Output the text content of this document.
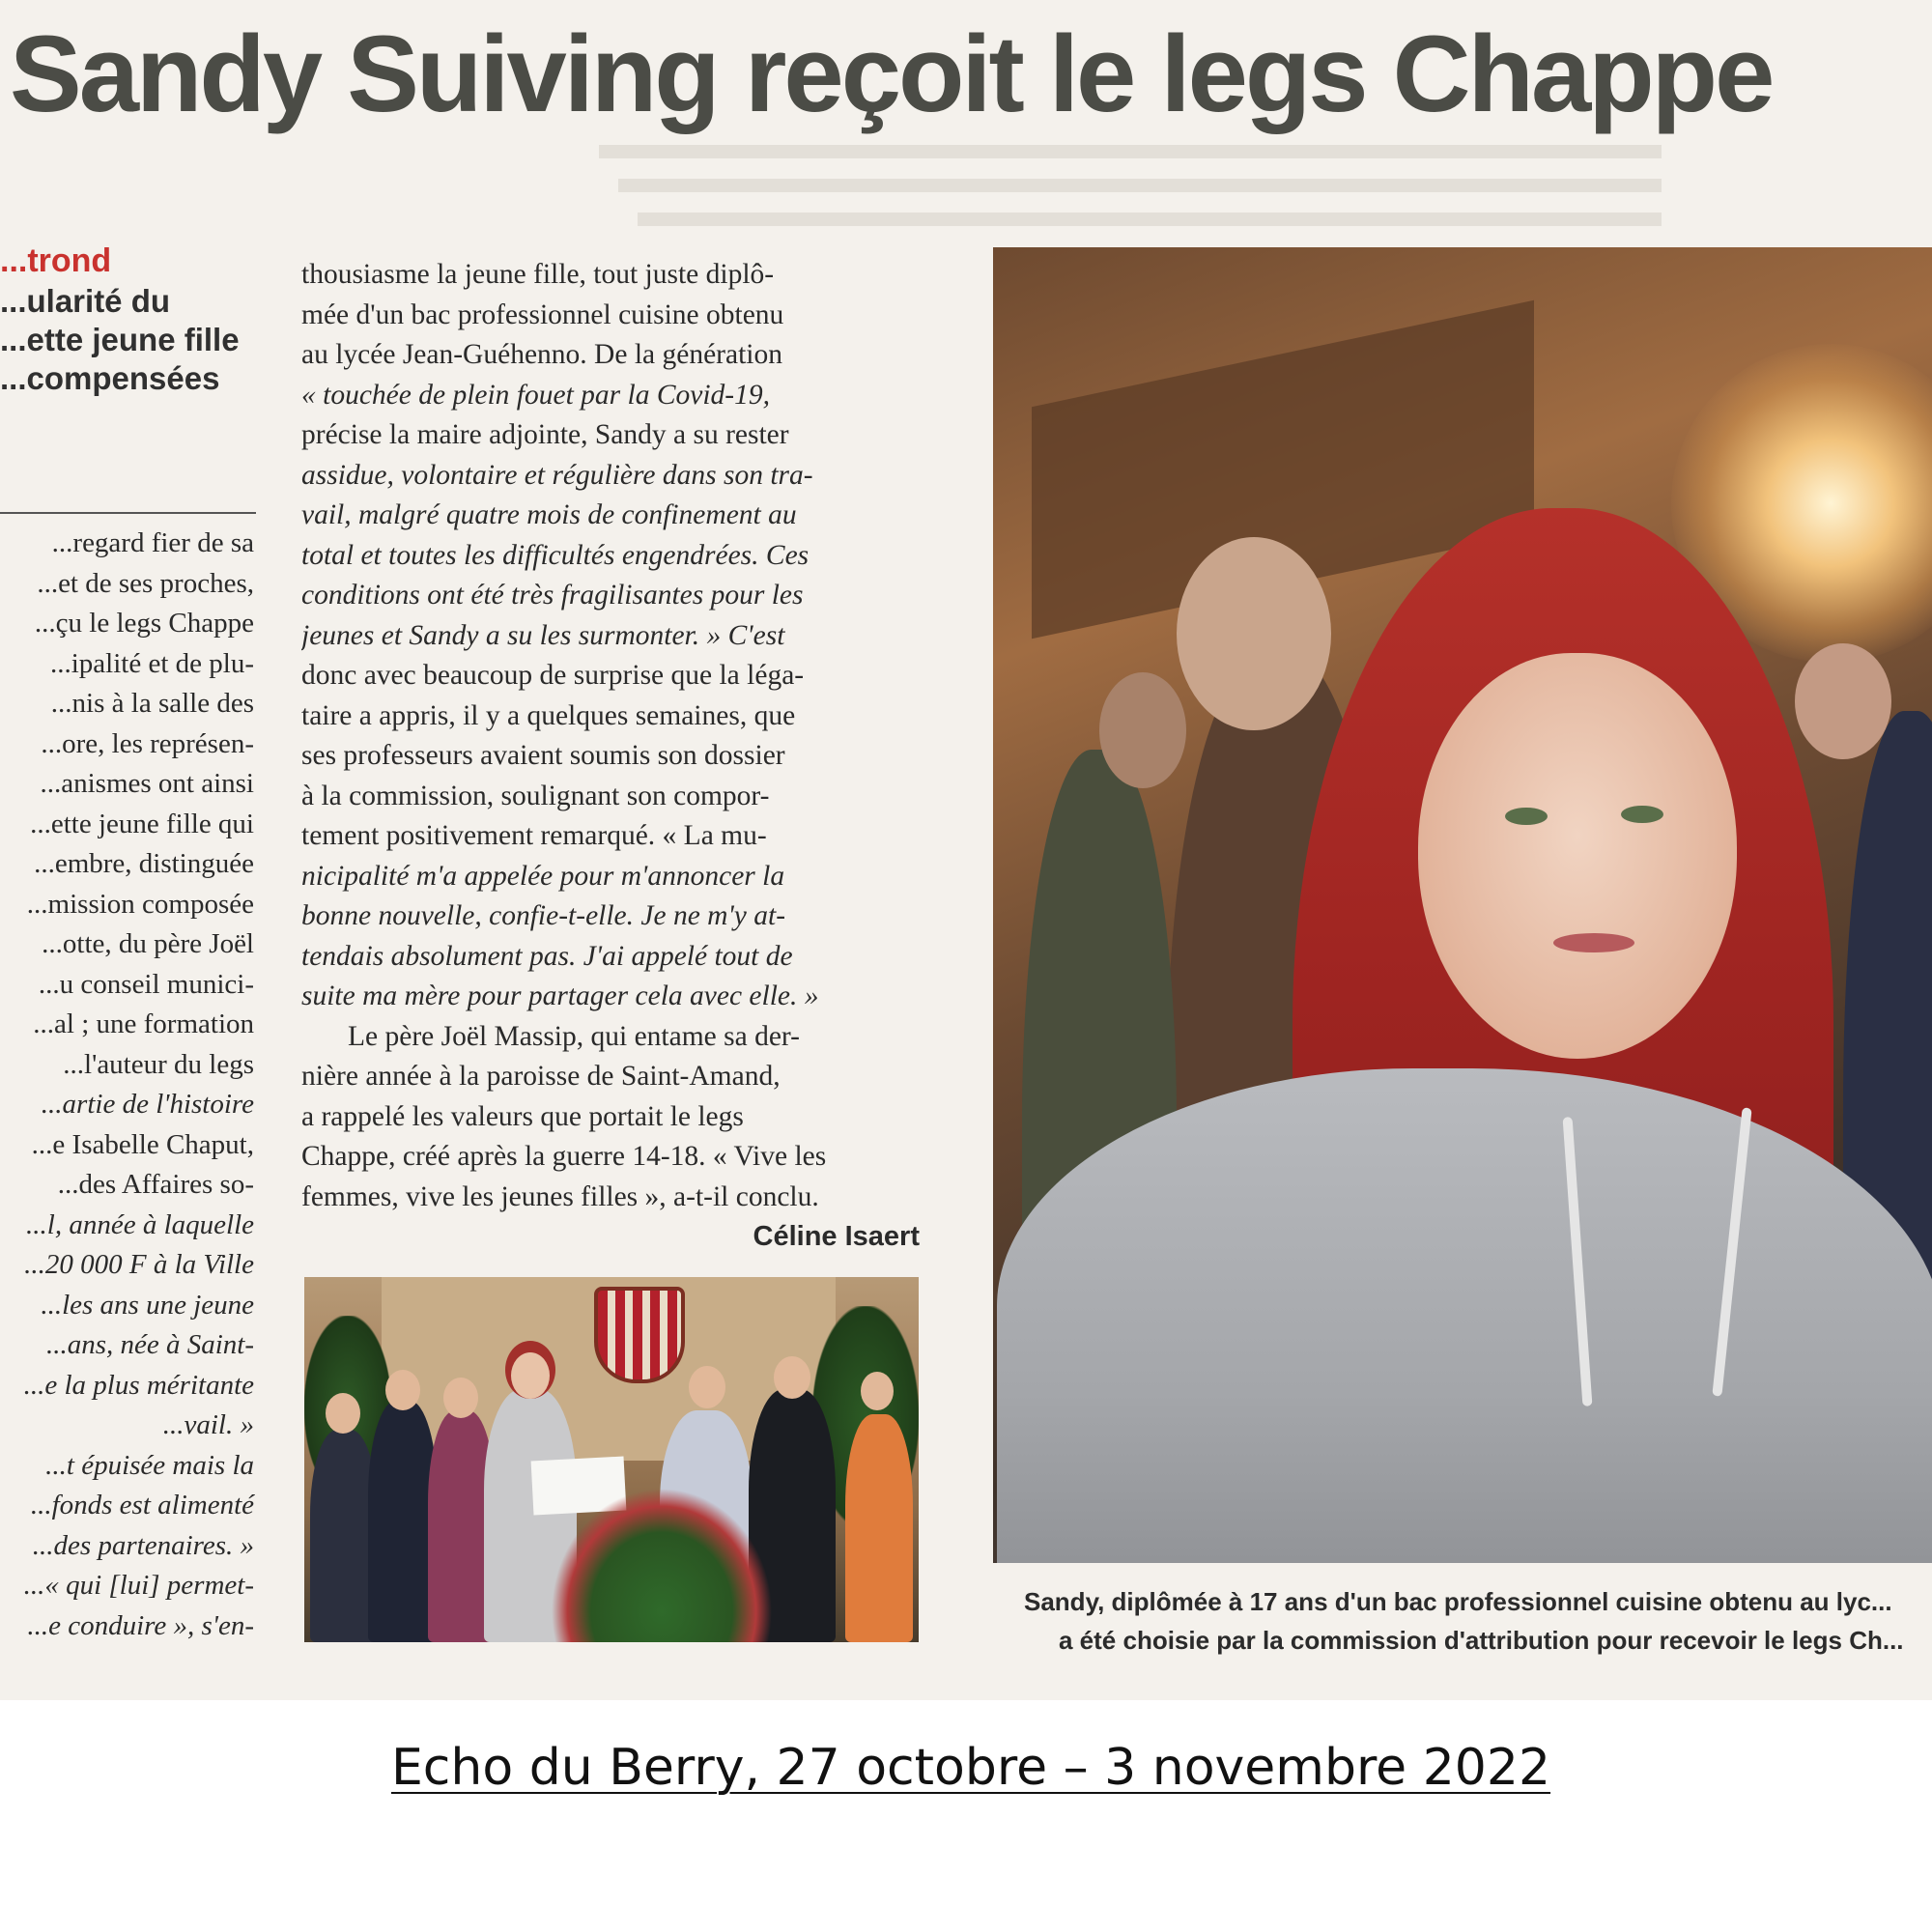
Sandy Suiving reçoit le legs Chappe

...trond

...ularité du
...ette jeune fille
...compensées

...regard fier de sa
...et de ses proches,
...çu le legs Chappe
...ipalité et de plu-
...nis à la salle des
...ore, les représen-
...anismes ont ainsi
...ette jeune fille qui
...embre, distinguée
...mission composée
...otte, du père Joël
...u conseil munici-
...al ; une formation
...l'auteur du legs
...artie de l'histoire
...e Isabelle Chaput,
...des Affaires so-
...l, année à laquelle
...20 000 F à la Ville
...les ans une jeune
...ans, née à Saint-
...e la plus méritante
...vail. »
...t épuisée mais la
...fonds est alimenté
...des partenaires. »
...« qui [lui] permet-
...e conduire », s'en-
thousiasme la jeune fille, tout juste diplô-
mée d'un bac professionnel cuisine obtenu
au lycée Jean-Guéhenno. De la génération
« touchée de plein fouet par la Covid-19,
précise la maire adjointe, Sandy a su rester
assidue, volontaire et régulière dans son tra-
vail, malgré quatre mois de confinement au
total et toutes les difficultés engendrées. Ces
conditions ont été très fragilisantes pour les
jeunes et Sandy a su les surmonter. » C'est
donc avec beaucoup de surprise que la léga-
taire a appris, il y a quelques semaines, que
ses professeurs avaient soumis son dossier
à la commission, soulignant son compor-
tement positivement remarqué. « La mu-
nicipalité m'a appelée pour m'annoncer la
bonne nouvelle, confie-t-elle. Je ne m'y at-
tendais absolument pas. J'ai appelé tout de
suite ma mère pour partager cela avec elle. »
Le père Joël Massip, qui entame sa der-
nière année à la paroisse de Saint-Amand,
a rappelé les valeurs que portait le legs
Chappe, créé après la guerre 14-18. « Vive les
femmes, vive les jeunes filles », a-t-il conclu.
Céline Isaert

Sandy, diplômée à 17 ans d'un bac professionnel cuisine obtenu au lyc...
a été choisie par la commission d'attribution pour recevoir le legs Ch...

Echo du Berry, 27 octobre – 3 novembre 2022
